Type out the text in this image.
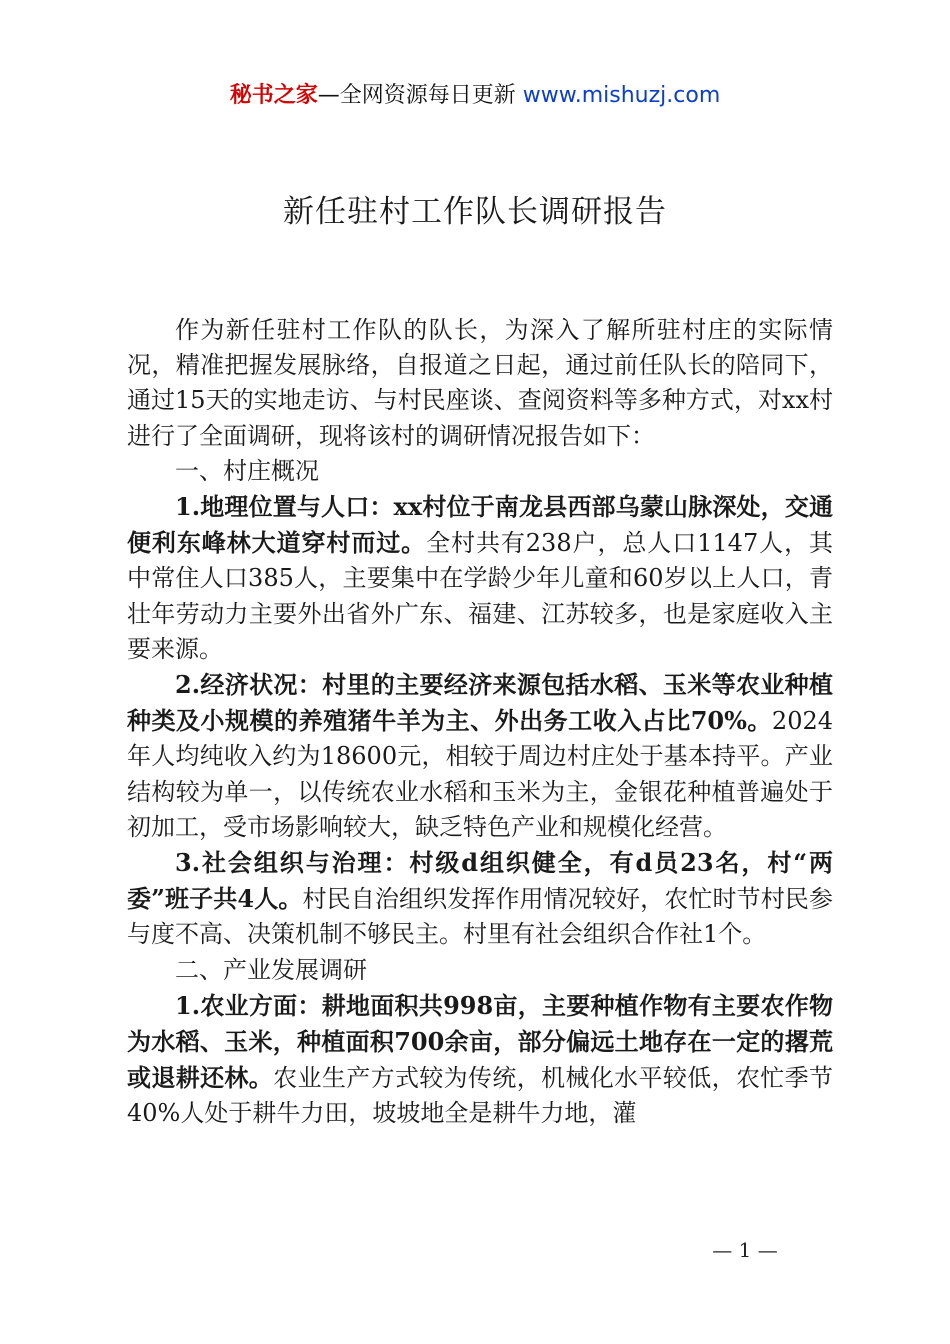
秘书之家—全网资源每日更新 www.mishuzj.com
新任驻村工作队长调研报告

作为新任驻村工作队的队长，为深入了解所驻村庄的实际情况，精准把握发展脉络，自报道之日起，通过前任队长的陪同下，通过15天的实地走访、与村民座谈、查阅资料等多种方式，对xx村进行了全面调研，现将该村的调研情况报告如下：

一、村庄概况

1.地理位置与人口：xx村位于南龙县西部乌蒙山脉深处，交通便利东峰林大道穿村而过。全村共有238户，总人口1147人，其中常住人口385人，主要集中在学龄少年儿童和60岁以上人口，青壮年劳动力主要外出省外广东、福建、江苏较多，也是家庭收入主要来源。

2.经济状况：村里的主要经济来源包括水稻、玉米等农业种植种类及小规模的养殖猪牛羊为主、外出务工收入占比70%。2024年人均纯收入约为18600元，相较于周边村庄处于基本持平。产业结构较为单一，以传统农业水稻和玉米为主，金银花种植普遍处于初加工，受市场影响较大，缺乏特色产业和规模化经营。

3.社会组织与治理：村级d组织健全，有d员23名，村“两委”班子共4人。村民自治组织发挥作用情况较好，农忙时节村民参与度不高、决策机制不够民主。村里有社会组织合作社1个。

二、产业发展调研

1.农业方面：耕地面积共998亩，主要种植作物有主要农作物为水稻、玉米，种植面积700余亩，部分偏远土地存在一定的撂荒或退耕还林。农业生产方式较为传统，机械化水平较低，农忙季节40%人处于耕牛力田，坡坡地全是耕牛力地，灌

— 1 —
